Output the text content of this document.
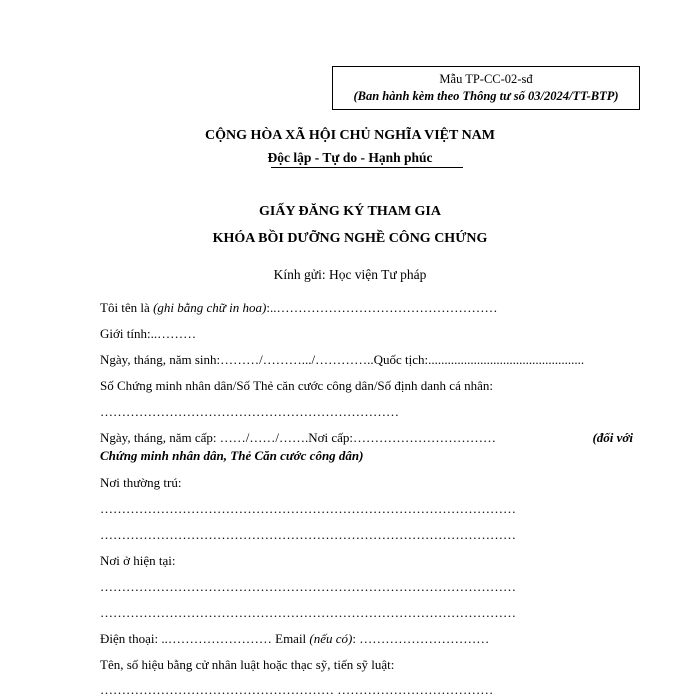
Mẫu TP-CC-02-sđ
(Ban hành kèm theo Thông tư số 03/2024/TT-BTP)
CỘNG HÒA XÃ HỘI CHỦ NGHĨA VIỆT NAM
Độc lập - Tự do - Hạnh phúc
GIẤY ĐĂNG KÝ THAM GIA
KHÓA BỒI DƯỠNG NGHỀ CÔNG CHỨNG
Kính gửi: Học viện Tư pháp
Tôi tên là (ghi bằng chữ in hoa):..……………………………………………
Giới tính:..………
Ngày, tháng, năm sinh:………/……….../…………..Quốc tịch:................................................
Số Chứng minh nhân dân/Số Thẻ căn cước công dân/Số định danh cá nhân:
……………………………………………………………
Ngày, tháng, năm cấp: ……/……/…….Nơi cấp:……………………………	(đối với
Chứng minh nhân dân, Thẻ Căn cước công dân)
Nơi thường trú:
……………………………………………………………………………………
……………………………………………………………………………………
Nơi ở hiện tại:
……………………………………………………………………………………
……………………………………………………………………………………
Điện thoại: ..…………………… Email (nếu có): …………………………
Tên, số hiệu bằng cử nhân luật hoặc thạc sỹ, tiến sỹ luật:
……………………………………………… ………………………………
